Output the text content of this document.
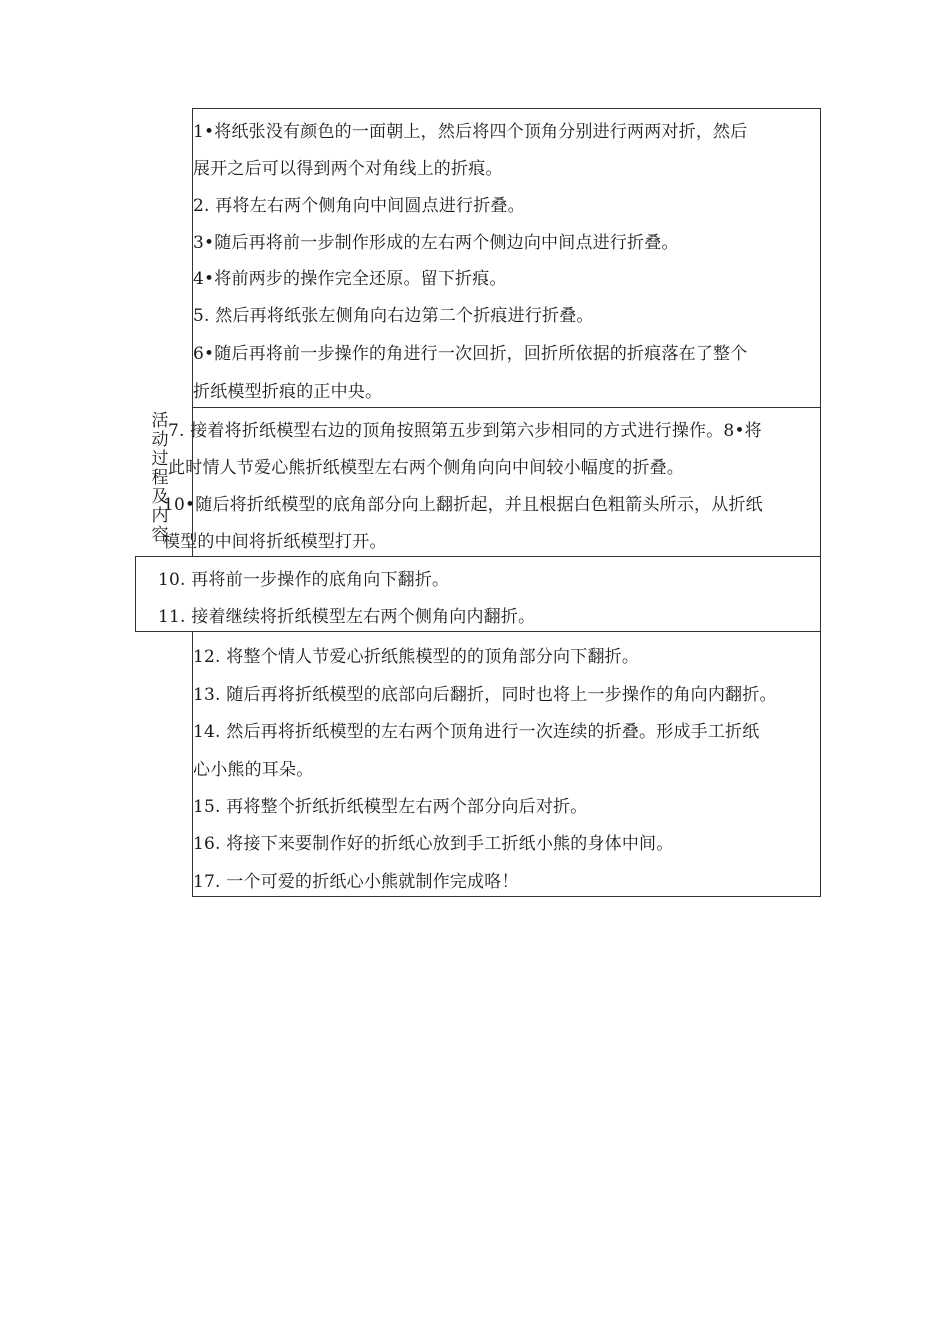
活
动
过
程
及
内
容
1•将纸张没有颜色的一面朝上，然后将四个顶角分别进行两两对折，然后
展开之后可以得到两个对角线上的折痕。
2. 再将左右两个侧角向中间圆点进行折叠。
3•随后再将前一步制作形成的左右两个侧边向中间点进行折叠。
4•将前两步的操作完全还原。留下折痕。
5. 然后再将纸张左侧角向右边第二个折痕进行折叠。
6•随后再将前一步操作的角进行一次回折，回折所依据的折痕落在了整个
折纸模型折痕的正中央。
7. 接着将折纸模型右边的顶角按照第五步到第六步相同的方式进行操作。8•将
此时情人节爱心熊折纸模型左右两个侧角向向中间较小幅度的折叠。
10•随后将折纸模型的底角部分向上翻折起，并且根据白色粗箭头所示，从折纸
模型的中间将折纸模型打开。
10. 再将前一步操作的底角向下翻折。
11. 接着继续将折纸模型左右两个侧角向内翻折。
12. 将整个情人节爱心折纸熊模型的的顶角部分向下翻折。
13. 随后再将折纸模型的底部向后翻折，同时也将上一步操作的角向内翻折。
14. 然后再将折纸模型的左右两个顶角进行一次连续的折叠。形成手工折纸
心小熊的耳朵。
15. 再将整个折纸折纸模型左右两个部分向后对折。
16. 将接下来要制作好的折纸心放到手工折纸小熊的身体中间。
17. 一个可爱的折纸心小熊就制作完成咯！
